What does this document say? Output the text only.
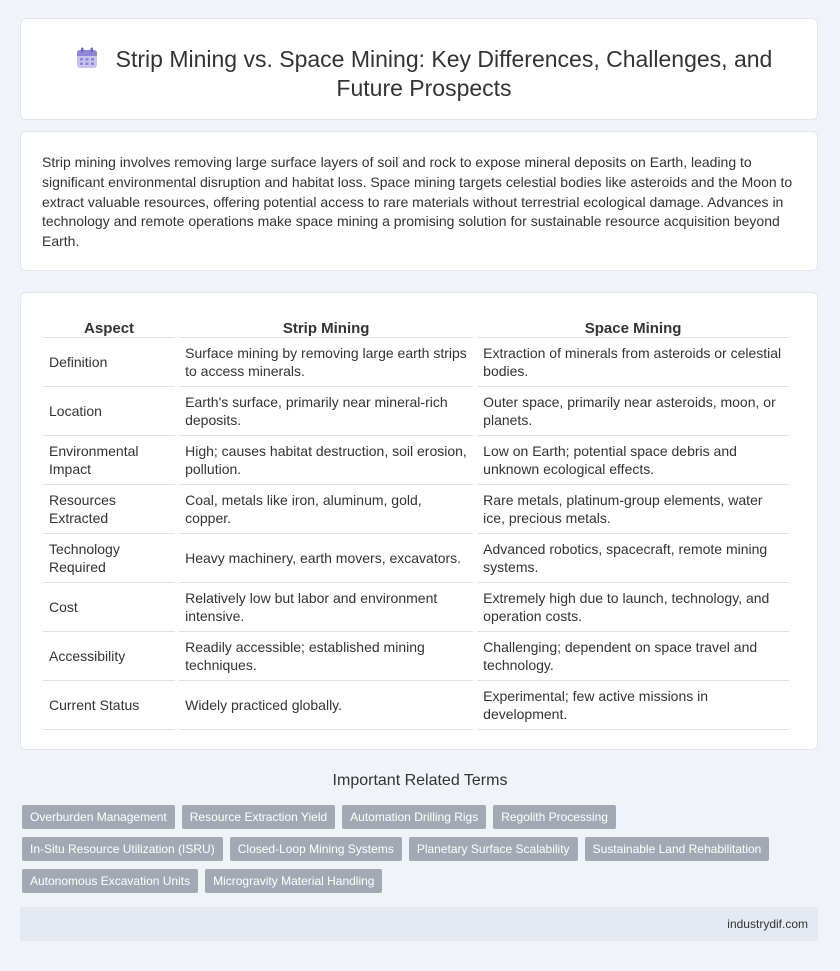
Strip Mining vs. Space Mining: Key Differences, Challenges, and Future Prospects

Strip mining involves removing large surface layers of soil and rock to expose mineral deposits on Earth, leading to significant environmental disruption and habitat loss. Space mining targets celestial bodies like asteroids and the Moon to extract valuable resources, offering potential access to rare materials without terrestrial ecological damage. Advances in technology and remote operations make space mining a promising solution for sustainable resource acquisition beyond Earth.

Aspect	Strip Mining	Space Mining
Definition	Surface mining by removing large earth strips to access minerals.	Extraction of minerals from asteroids or celestial bodies.
Location	Earth's surface, primarily near mineral-rich deposits.	Outer space, primarily near asteroids, moon, or planets.
Environmental Impact	High; causes habitat destruction, soil erosion, pollution.	Low on Earth; potential space debris and unknown ecological effects.
Resources Extracted	Coal, metals like iron, aluminum, gold, copper.	Rare metals, platinum-group elements, water ice, precious metals.
Technology Required	Heavy machinery, earth movers, excavators.	Advanced robotics, spacecraft, remote mining systems.
Cost	Relatively low but labor and environment intensive.	Extremely high due to launch, technology, and operation costs.
Accessibility	Readily accessible; established mining techniques.	Challenging; dependent on space travel and technology.
Current Status	Widely practiced globally.	Experimental; few active missions in development.
Important Related Terms
Overburden Management	Resource Extraction Yield	Automation Drilling Rigs	Regolith Processing
In-Situ Resource Utilization (ISRU)	Closed-Loop Mining Systems	Planetary Surface Scalability	Sustainable Land Rehabilitation
Autonomous Excavation Units	Microgravity Material Handling
industrydif.com
